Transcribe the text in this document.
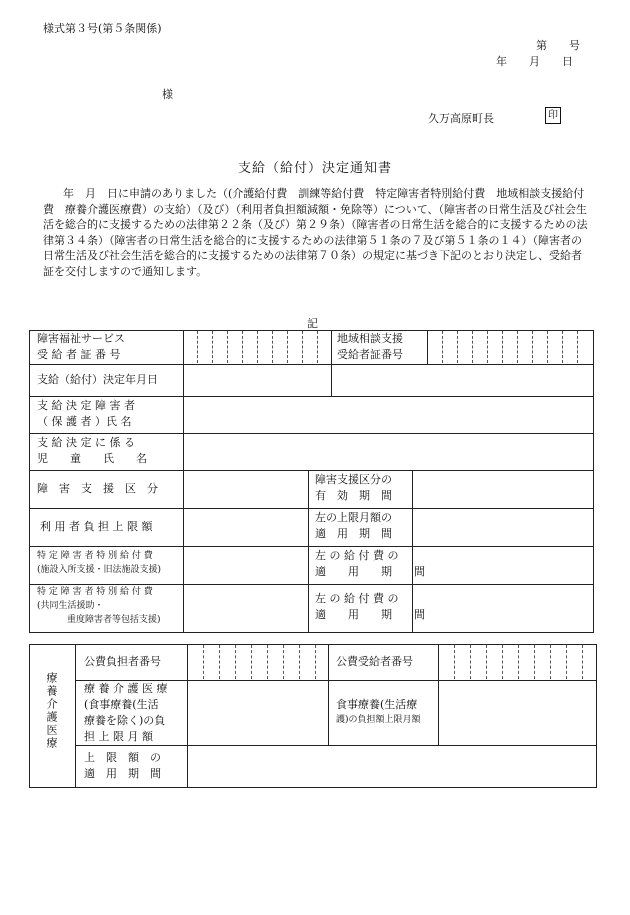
様式第３号(第５条関係)
第　　号
年　　月　　日
様
久万高原町長	印
支給（給付）決定通知書
年　月　日に申請のありました（(介護給付費　訓練等給付費　特定障害者特別給付費　地域相談支援給付費　療養介護医療費）の支給）（及び）（利用者負担額減額・免除等）について、（障害者の日常生活及び社会生活を総合的に支援するための法律第２２条（及び）第２９条）（障害者の日常生活を総合的に支援するための法律第３４条）（障害者の日常生活を総合的に支援するための法律第５１条の７及び第５１条の１４）（障害者の日常生活及び社会生活を総合的に支援するための法律第７０条）の規定に基づき下記のとおり決定し、受給者証を交付しますので通知します。
記
障害福祉サービス
受 給 者 証 番 号
地域相談支援
受給者証番号
支給（給付）決定年月日
支 給 決 定 障 害 者
（ 保 護 者 ）氏 名
支 給 決 定 に 係 る
児　　童　　氏　　名
障　害　支　援　区　分
障害支援区分の
有　効　期　間
利 用 者 負 担 上 限 額
左の上限月額の
適　用　期　間
特 定 障 害 者 特 別 給 付 費
(施設入所支援・旧法施設支援)
左 の 給 付 費 の
適　　用　　期　　間
特 定 障 害 者 特 別 給 付 費
(共同生活援助・
重度障害者等包括支援)
左 の 給 付 費 の
適　　用　　期　　間
療養介護医療
公費負担者番号	公費受給者番号
療 養 介 護 医 療
(食事療養(生活
療養を除く)の負
担 上 限 月 額
食事療養(生活療
護)の負担額上限月額
上　限　額　の
適　用　期　間
